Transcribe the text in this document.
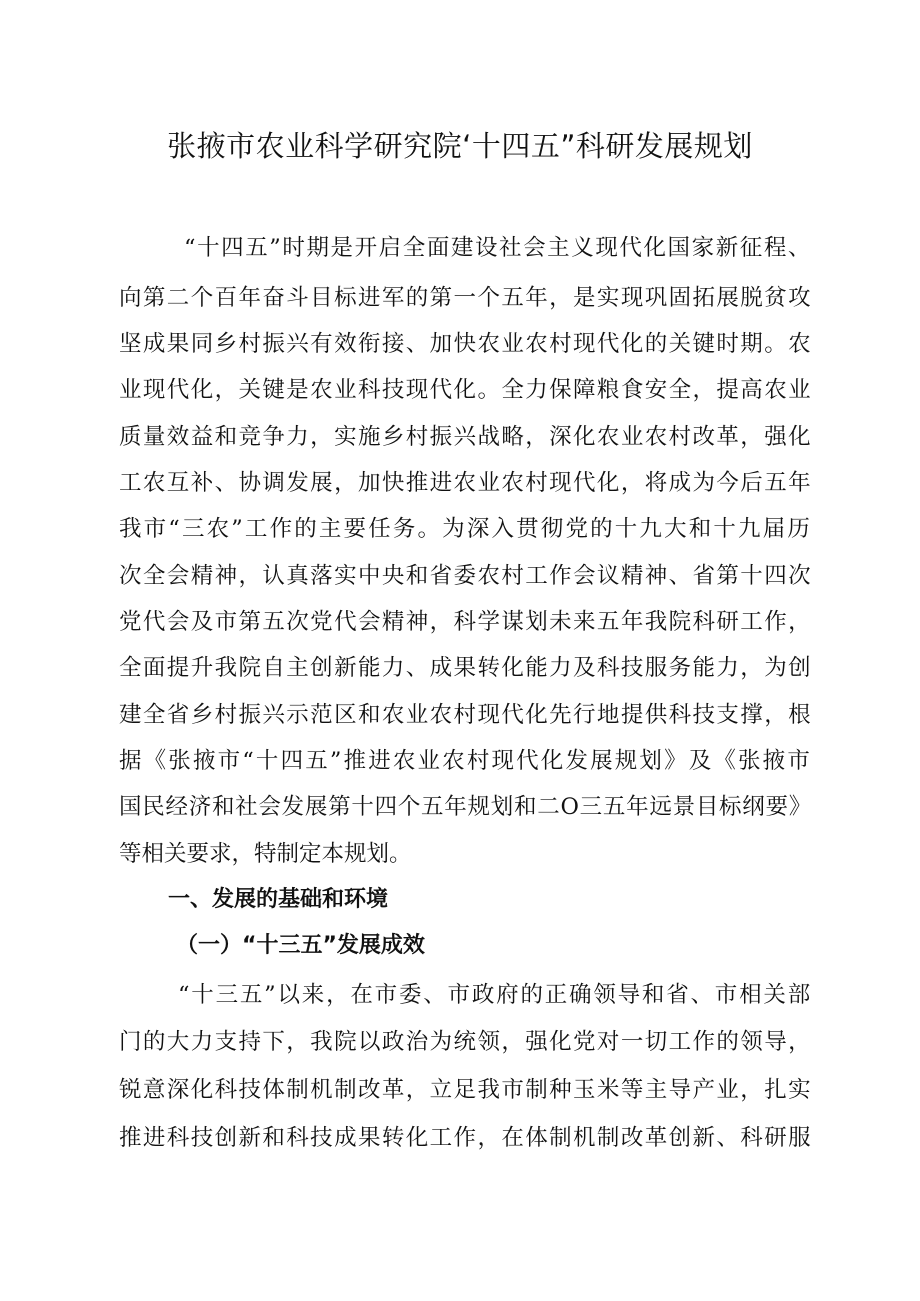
张掖市农业科学研究院‘十四五”科研发展规划
“十四五”时期是开启全面建设社会主义现代化国家新征程、
向第二个百年奋斗目标进军的第一个五年，是实现巩固拓展脱贫攻
坚成果同乡村振兴有效衔接、加快农业农村现代化的关键时期。农
业现代化，关键是农业科技现代化。全力保障粮食安全，提高农业
质量效益和竞争力，实施乡村振兴战略，深化农业农村改革，强化
工农互补、协调发展，加快推进农业农村现代化，将成为今后五年
我市“三农”工作的主要任务。为深入贯彻党的十九大和十九届历
次全会精神，认真落实中央和省委农村工作会议精神、省第十四次
党代会及市第五次党代会精神，科学谋划未来五年我院科研工作，
全面提升我院自主创新能力、成果转化能力及科技服务能力，为创
建全省乡村振兴示范区和农业农村现代化先行地提供科技支撑，根
据《张掖市“十四五”推进农业农村现代化发展规划》及《张掖市
国民经济和社会发展第十四个五年规划和二O三五年远景目标纲要》
等相关要求，特制定本规划。
一、发展的基础和环境
（一）“十三五”发展成效
“十三五”以来，在市委、市政府的正确领导和省、市相关部
门的大力支持下，我院以政治为统领，强化党对一切工作的领导，
锐意深化科技体制机制改革，立足我市制种玉米等主导产业，扎实
推进科技创新和科技成果转化工作，在体制机制改革创新、科研服
